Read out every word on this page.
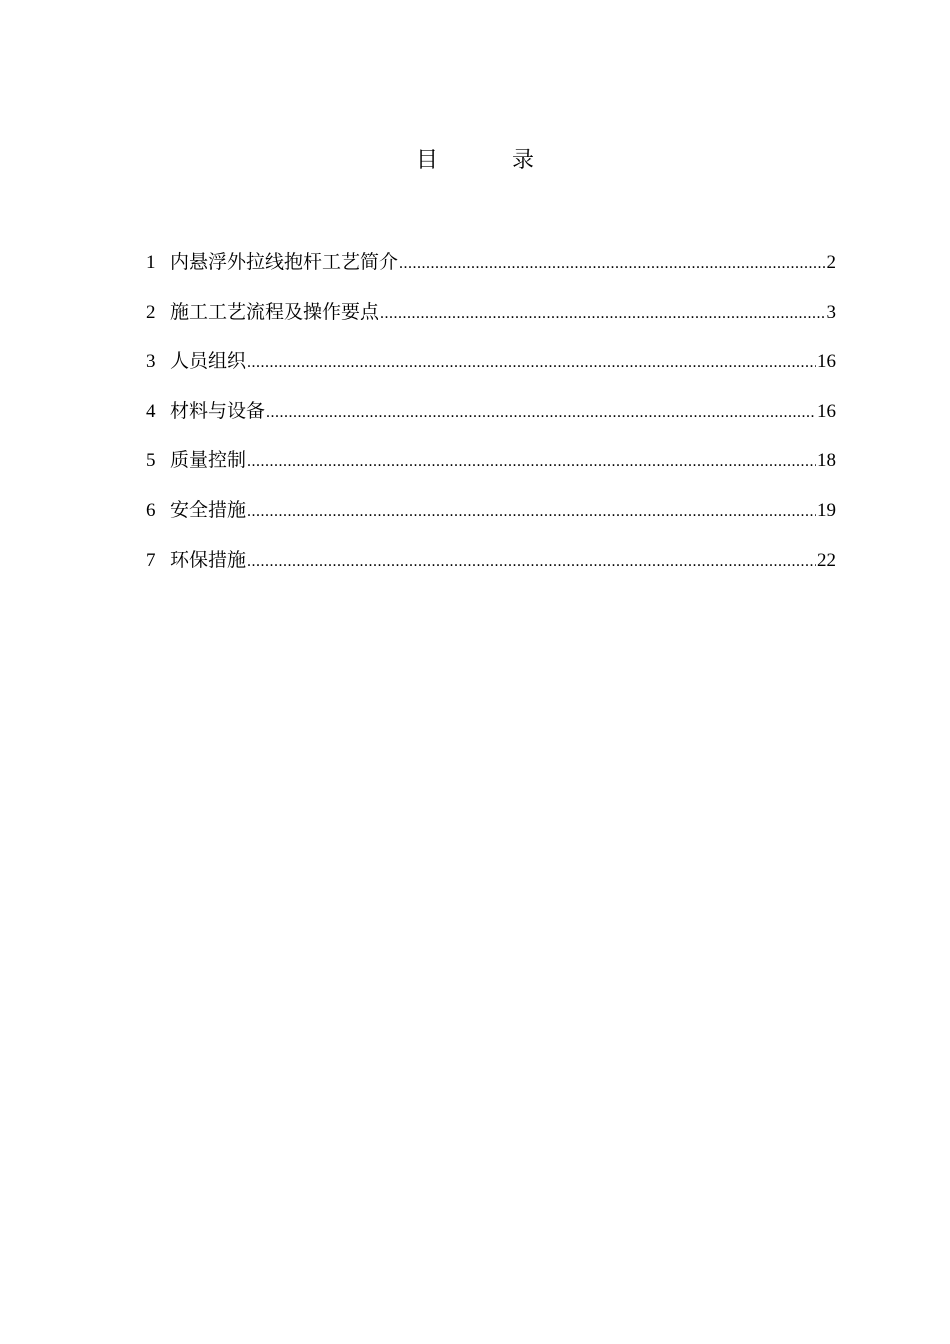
目	录
1 内悬浮外拉线抱杆工艺简介 .....	2
2 施工工艺流程及操作要点 .....	3
3 人员组织 .....	16
4 材料与设备 .....	16
5 质量控制 .....	18
6 安全措施 .....	19
7 环保措施 .....	22
